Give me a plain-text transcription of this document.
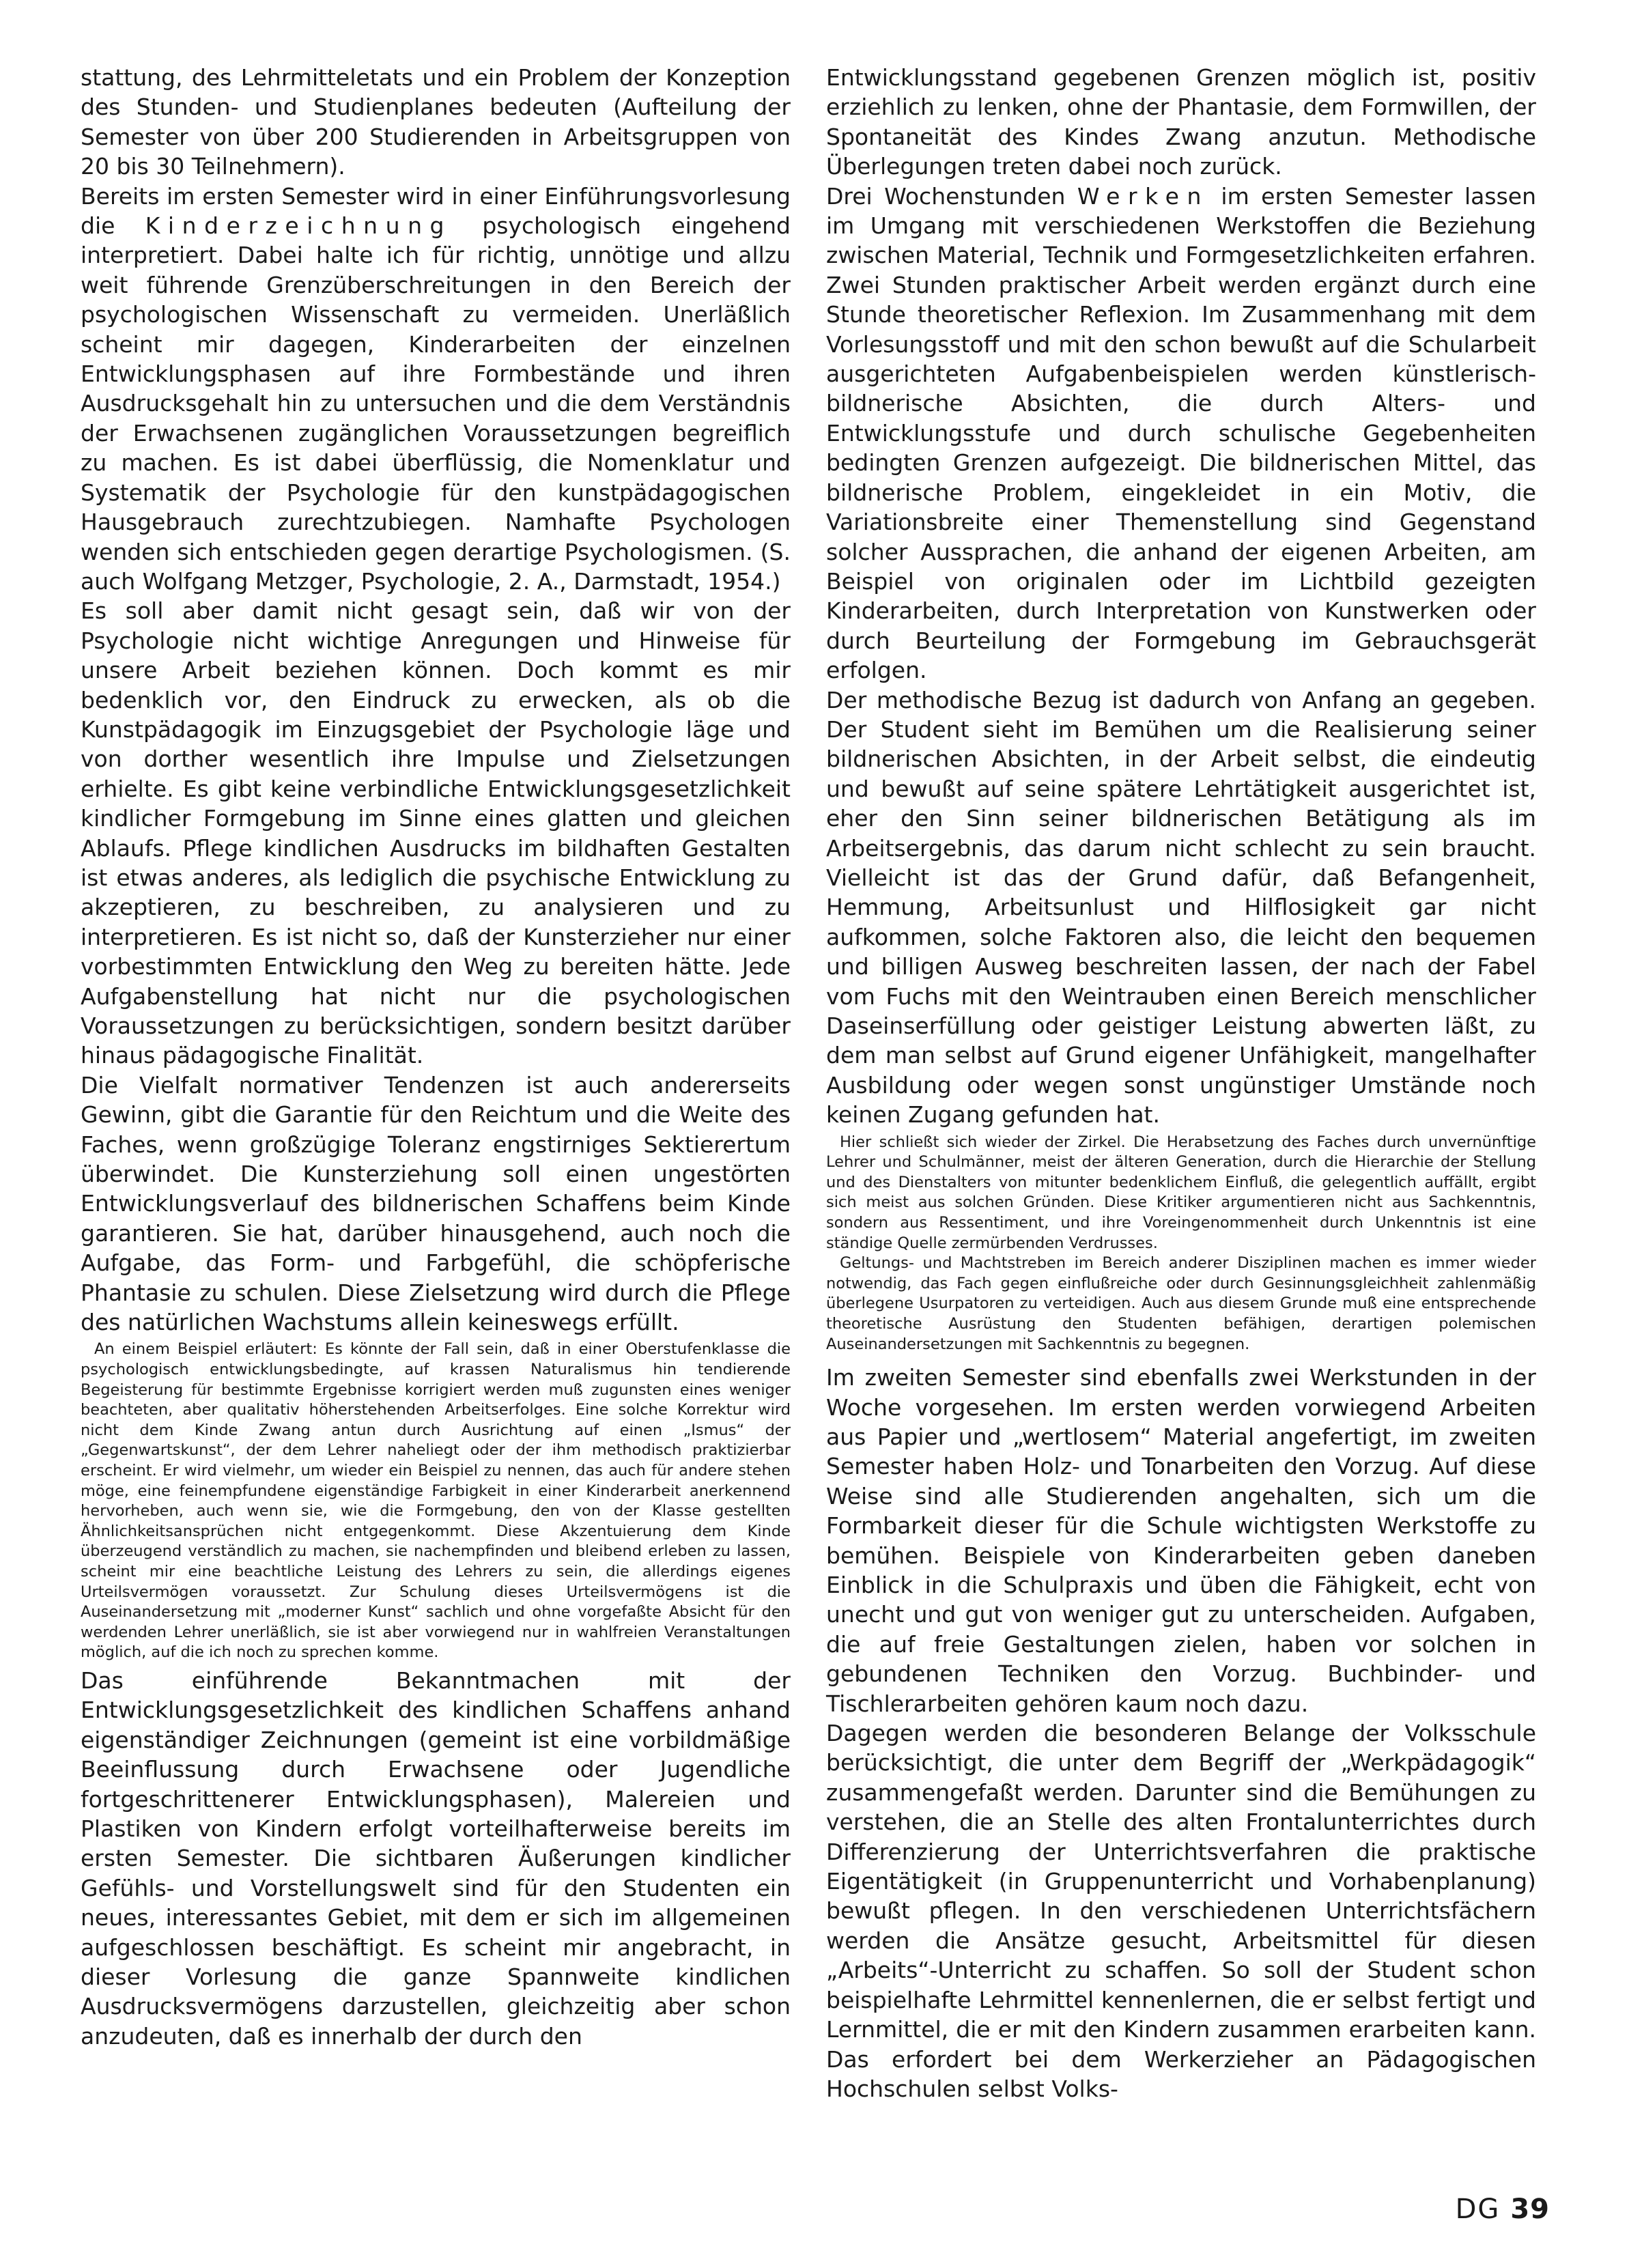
stattung, des Lehrmitteletats und ein Problem der Konzeption des Stunden- und Studienplanes bedeuten (Aufteilung der Semester von über 200 Studierenden in Arbeitsgruppen von 20 bis 30 Teilnehmern).

Bereits im ersten Semester wird in einer Einführungsvorlesung die Kinderzeichnung psychologisch eingehend interpretiert. Dabei halte ich für richtig, unnötige und allzu weit führende Grenzüberschreitungen in den Bereich der psychologischen Wissenschaft zu vermeiden. Unerläßlich scheint mir dagegen, Kinderarbeiten der einzelnen Entwicklungsphasen auf ihre Formbestände und ihren Ausdrucksgehalt hin zu untersuchen und die dem Verständnis der Erwachsenen zugänglichen Voraussetzungen begreiflich zu machen. Es ist dabei überflüssig, die Nomenklatur und Systematik der Psychologie für den kunstpädagogischen Hausgebrauch zurechtzubiegen. Namhafte Psychologen wenden sich entschieden gegen derartige Psychologismen. (S. auch Wolfgang Metzger, Psychologie, 2. A., Darmstadt, 1954.)

Es soll aber damit nicht gesagt sein, daß wir von der Psychologie nicht wichtige Anregungen und Hinweise für unsere Arbeit beziehen können. Doch kommt es mir bedenklich vor, den Eindruck zu erwecken, als ob die Kunstpädagogik im Einzugsgebiet der Psychologie läge und von dorther wesentlich ihre Impulse und Zielsetzungen erhielte. Es gibt keine verbindliche Entwicklungsgesetzlichkeit kindlicher Formgebung im Sinne eines glatten und gleichen Ablaufs. Pflege kindlichen Ausdrucks im bildhaften Gestalten ist etwas anderes, als lediglich die psychische Entwicklung zu akzeptieren, zu beschreiben, zu analysieren und zu interpretieren. Es ist nicht so, daß der Kunsterzieher nur einer vorbestimmten Entwicklung den Weg zu bereiten hätte. Jede Aufgabenstellung hat nicht nur die psychologischen Voraussetzungen zu berücksichtigen, sondern besitzt darüber hinaus pädagogische Finalität.

Die Vielfalt normativer Tendenzen ist auch andererseits Gewinn, gibt die Garantie für den Reichtum und die Weite des Faches, wenn großzügige Toleranz engstirniges Sektierertum überwindet. Die Kunsterziehung soll einen ungestörten Entwicklungsverlauf des bildnerischen Schaffens beim Kinde garantieren. Sie hat, darüber hinausgehend, auch noch die Aufgabe, das Form- und Farbgefühl, die schöpferische Phantasie zu schulen. Diese Zielsetzung wird durch die Pflege des natürlichen Wachstums allein keineswegs erfüllt.

An einem Beispiel erläutert: Es könnte der Fall sein, daß in einer Oberstufenklasse die psychologisch entwicklungsbedingte, auf krassen Naturalismus hin tendierende Begeisterung für bestimmte Ergebnisse korrigiert werden muß zugunsten eines weniger beachteten, aber qualitativ höherstehenden Arbeitserfolges. Eine solche Korrektur wird nicht dem Kinde Zwang antun durch Ausrichtung auf einen „Ismus“ der „Gegenwartskunst“, der dem Lehrer naheliegt oder der ihm methodisch praktizierbar erscheint. Er wird vielmehr, um wieder ein Beispiel zu nennen, das auch für andere stehen möge, eine feinempfundene eigenständige Farbigkeit in einer Kinderarbeit anerkennend hervorheben, auch wenn sie, wie die Formgebung, den von der Klasse gestellten Ähnlichkeitsansprüchen nicht entgegenkommt. Diese Akzentuierung dem Kinde überzeugend verständlich zu machen, sie nachempfinden und bleibend erleben zu lassen, scheint mir eine beachtliche Leistung des Lehrers zu sein, die allerdings eigenes Urteilsvermögen voraussetzt. Zur Schulung dieses Urteilsvermögens ist die Auseinandersetzung mit „moderner Kunst“ sachlich und ohne vorgefaßte Absicht für den werdenden Lehrer unerläßlich, sie ist aber vorwiegend nur in wahlfreien Veranstaltungen möglich, auf die ich noch zu sprechen komme.

Das einführende Bekanntmachen mit der Entwicklungsgesetzlichkeit des kindlichen Schaffens anhand eigenständiger Zeichnungen (gemeint ist eine vorbildmäßige Beeinflussung durch Erwachsene oder Jugendliche fortgeschrittenerer Entwicklungsphasen), Malereien und Plastiken von Kindern erfolgt vorteilhafterweise bereits im ersten Semester. Die sichtbaren Äußerungen kindlicher Gefühls- und Vorstellungswelt sind für den Studenten ein neues, interessantes Gebiet, mit dem er sich im allgemeinen aufgeschlossen beschäftigt. Es scheint mir angebracht, in dieser Vorlesung die ganze Spannweite kindlichen Ausdrucksvermögens darzustellen, gleichzeitig aber schon anzudeuten, daß es innerhalb der durch den

Entwicklungsstand gegebenen Grenzen möglich ist, positiv erziehlich zu lenken, ohne der Phantasie, dem Formwillen, der Spontaneität des Kindes Zwang anzutun. Methodische Überlegungen treten dabei noch zurück.

Drei Wochenstunden Werken im ersten Semester lassen im Umgang mit verschiedenen Werkstoffen die Beziehung zwischen Material, Technik und Formgesetzlichkeiten erfahren. Zwei Stunden praktischer Arbeit werden ergänzt durch eine Stunde theoretischer Reflexion. Im Zusammenhang mit dem Vorlesungsstoff und mit den schon bewußt auf die Schularbeit ausgerichteten Aufgabenbeispielen werden künstlerisch-bildnerische Absichten, die durch Alters- und Entwicklungsstufe und durch schulische Gegebenheiten bedingten Grenzen aufgezeigt. Die bildnerischen Mittel, das bildnerische Problem, eingekleidet in ein Motiv, die Variationsbreite einer Themenstellung sind Gegenstand solcher Aussprachen, die anhand der eigenen Arbeiten, am Beispiel von originalen oder im Lichtbild gezeigten Kinderarbeiten, durch Interpretation von Kunstwerken oder durch Beurteilung der Formgebung im Gebrauchsgerät erfolgen.

Der methodische Bezug ist dadurch von Anfang an gegeben. Der Student sieht im Bemühen um die Realisierung seiner bildnerischen Absichten, in der Arbeit selbst, die eindeutig und bewußt auf seine spätere Lehrtätigkeit ausgerichtet ist, eher den Sinn seiner bildnerischen Betätigung als im Arbeitsergebnis, das darum nicht schlecht zu sein braucht. Vielleicht ist das der Grund dafür, daß Befangenheit, Hemmung, Arbeitsunlust und Hilflosigkeit gar nicht aufkommen, solche Faktoren also, die leicht den bequemen und billigen Ausweg beschreiten lassen, der nach der Fabel vom Fuchs mit den Weintrauben einen Bereich menschlicher Daseinserfüllung oder geistiger Leistung abwerten läßt, zu dem man selbst auf Grund eigener Unfähigkeit, mangelhafter Ausbildung oder wegen sonst ungünstiger Umstände noch keinen Zugang gefunden hat.

Hier schließt sich wieder der Zirkel. Die Herabsetzung des Faches durch unvernünftige Lehrer und Schulmänner, meist der älteren Generation, durch die Hierarchie der Stellung und des Dienstalters von mitunter bedenklichem Einfluß, die gelegentlich auffällt, ergibt sich meist aus solchen Gründen. Diese Kritiker argumentieren nicht aus Sachkenntnis, sondern aus Ressentiment, und ihre Voreingenommenheit durch Unkenntnis ist eine ständige Quelle zermürbenden Verdrusses.

Geltungs- und Machtstreben im Bereich anderer Disziplinen machen es immer wieder notwendig, das Fach gegen einflußreiche oder durch Gesinnungsgleichheit zahlenmäßig überlegene Usurpatoren zu verteidigen. Auch aus diesem Grunde muß eine entsprechende theoretische Ausrüstung den Studenten befähigen, derartigen polemischen Auseinandersetzungen mit Sachkenntnis zu begegnen.

Im zweiten Semester sind ebenfalls zwei Werkstunden in der Woche vorgesehen. Im ersten werden vorwiegend Arbeiten aus Papier und „wertlosem“ Material angefertigt, im zweiten Semester haben Holz- und Tonarbeiten den Vorzug. Auf diese Weise sind alle Studierenden angehalten, sich um die Formbarkeit dieser für die Schule wichtigsten Werkstoffe zu bemühen. Beispiele von Kinderarbeiten geben daneben Einblick in die Schulpraxis und üben die Fähigkeit, echt von unecht und gut von weniger gut zu unterscheiden. Aufgaben, die auf freie Gestaltungen zielen, haben vor solchen in gebundenen Techniken den Vorzug. Buchbinder- und Tischlerarbeiten gehören kaum noch dazu.

Dagegen werden die besonderen Belange der Volksschule berücksichtigt, die unter dem Begriff der „Werkpädagogik“ zusammengefaßt werden. Darunter sind die Bemühungen zu verstehen, die an Stelle des alten Frontalunterrichtes durch Differenzierung der Unterrichtsverfahren die praktische Eigentätigkeit (in Gruppenunterricht und Vorhabenplanung) bewußt pflegen. In den verschiedenen Unterrichtsfächern werden die Ansätze gesucht, Arbeitsmittel für diesen „Arbeits“-Unterricht zu schaffen. So soll der Student schon beispielhafte Lehrmittel kennenlernen, die er selbst fertigt und Lernmittel, die er mit den Kindern zusammen erarbeiten kann. Das erfordert bei dem Werkerzieher an Pädagogischen Hochschulen selbst Volks-

DG 39
